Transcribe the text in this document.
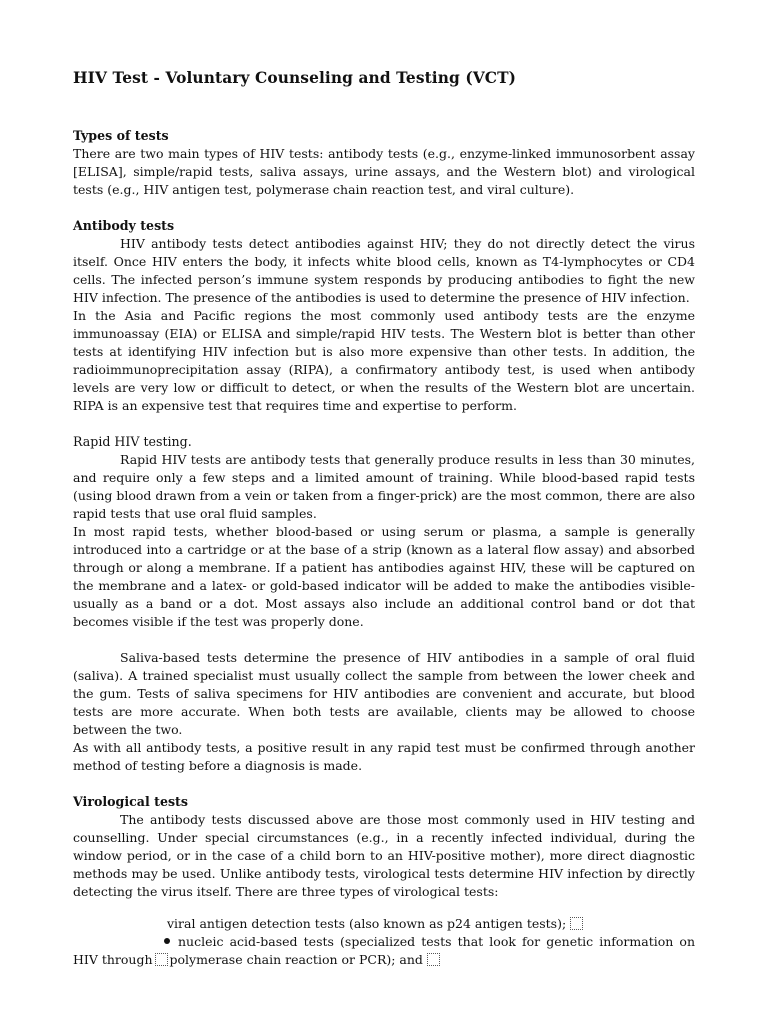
HIV Test - Voluntary Counseling and Testing (VCT)
Types of tests

There are two main types of HIV tests: antibody tests (e.g., enzyme-linked immunosorbent assay [ELISA], simple/rapid tests, saliva assays, urine assays, and the Western blot) and virological tests (e.g., HIV antigen test, polymerase chain reaction test, and viral culture).

Antibody tests

HIV antibody tests detect antibodies against HIV; they do not directly detect the virus itself. Once HIV enters the body, it infects white blood cells, known as T4-lymphocytes or CD4 cells. The infected person’s immune system responds by producing antibodies to fight the new HIV infection. The presence of the antibodies is used to determine the presence of HIV infection.

In the Asia and Pacific regions the most commonly used antibody tests are the enzyme immunoassay (EIA) or ELISA and simple/rapid HIV tests. The Western blot is better than other tests at identifying HIV infection but is also more expensive than other tests. In addition, the radioimmunoprecipitation assay (RIPA), a confirmatory antibody test, is used when antibody levels are very low or difficult to detect, or when the results of the Western blot are uncertain. RIPA is an expensive test that requires time and expertise to perform.

Rapid HIV testing.

Rapid HIV tests are antibody tests that generally produce results in less than 30 minutes, and require only a few steps and a limited amount of training. While blood-based rapid tests (using blood drawn from a vein or taken from a finger-prick) are the most common, there are also rapid tests that use oral fluid samples.

In most rapid tests, whether blood-based or using serum or plasma, a sample is generally introduced into a cartridge or at the base of a strip (known as a lateral flow assay) and absorbed through or along a membrane. If a patient has antibodies against HIV, these will be captured on the membrane and a latex- or gold-based indicator will be added to make the antibodies visible-usually as a band or a dot. Most assays also include an additional control band or dot that becomes visible if the test was properly done.

Saliva-based tests determine the presence of HIV antibodies in a sample of oral fluid (saliva). A trained specialist must usually collect the sample from between the lower cheek and the gum. Tests of saliva specimens for HIV antibodies are convenient and accurate, but blood tests are more accurate. When both tests are available, clients may be allowed to choose between the two.

As with all antibody tests, a positive result in any rapid test must be confirmed through another method of testing before a diagnosis is made.

Virological tests

The antibody tests discussed above are those most commonly used in HIV testing and counselling. Under special circumstances (e.g., in a recently infected individual, during the window period, or in the case of a child born to an HIV-positive mother), more direct diagnostic methods may be used. Unlike antibody tests, virological tests determine HIV infection by directly detecting the virus itself. There are three types of virological tests:

viral antigen detection tests (also known as p24 antigen tests);
nucleic acid-based tests (specialized tests that look for genetic information on HIV through polymerase chain reaction or PCR); and
